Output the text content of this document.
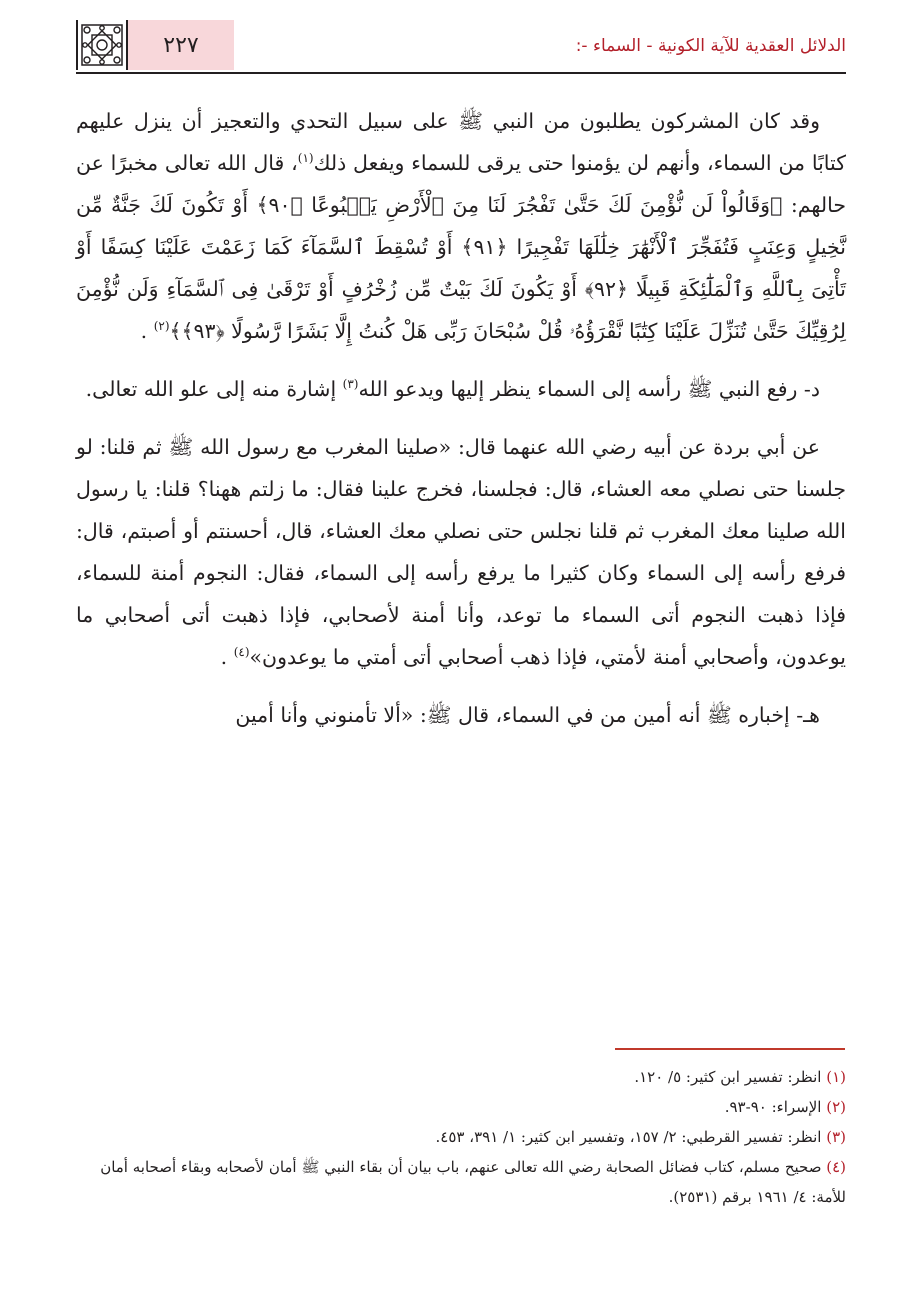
الدلائل العقدية للآية الكونية - السماء -:
٢٢٧

وقد كان المشركون يطلبون من النبي ﷺ على سبيل التحدي والتعجيز أن ينزل عليهم كتابًا من السماء، وأنهم لن يؤمنوا حتى يرقى للسماء ويفعل ذلك$^{(١)}$، قال الله تعالى مخبرًا عن حالهم: ﴿وَقَالُواْ لَن نُّؤْمِنَ لَكَ حَتَّىٰ تَفْجُرَ لَنَا مِنَ ٱلْأَرْضِ يَنۢبُوعًا ﴿٩٠﴾ أَوْ تَكُونَ لَكَ جَنَّةٌ مِّن نَّخِيلٍ وَعِنَبٍ فَتُفَجِّرَ ٱلْأَنْهَٰرَ خِلَٰلَهَا تَفْجِيرًا ﴿٩١﴾ أَوْ تُسْقِطَ ٱلسَّمَآءَ كَمَا زَعَمْتَ عَلَيْنَا كِسَفًا أَوْ تَأْتِىَ بِٱللَّهِ وَٱلْمَلَٰٓئِكَةِ قَبِيلًا ﴿٩٢﴾ أَوْ يَكُونَ لَكَ بَيْتٌ مِّن زُخْرُفٍ أَوْ تَرْقَىٰ فِى ٱلسَّمَآءِ وَلَن نُّؤْمِنَ لِرُقِيِّكَ حَتَّىٰ تُنَزِّلَ عَلَيْنَا كِتَٰبًا نَّقْرَؤُهُۥ قُلْ سُبْحَانَ رَبِّى هَلْ كُنتُ إِلَّا بَشَرًا رَّسُولًا ﴿٩٣﴾﴾$^{(٢)}$ .

د- رفع النبي ﷺ رأسه إلى السماء ينظر إليها ويدعو الله$^{(٣)}$ إشارة منه إلى علو الله تعالى.

عن أبي بردة عن أبيه رضي الله عنهما قال: «صلينا المغرب مع رسول الله ﷺ ثم قلنا: لو جلسنا حتى نصلي معه العشاء، قال: فجلسنا، فخرج علينا فقال: ما زلتم ههنا؟ قلنا: يا رسول الله صلينا معك المغرب ثم قلنا نجلس حتى نصلي معك العشاء، قال، أحسنتم أو أصبتم، قال: فرفع رأسه إلى السماء وكان كثيرا ما يرفع رأسه إلى السماء، فقال: النجوم أمنة للسماء، فإذا ذهبت النجوم أتى السماء ما توعد، وأنا أمنة لأصحابي، فإذا ذهبت أتى أصحابي ما يوعدون، وأصحابي أمنة لأمتي، فإذا ذهب أصحابي أتى أمتي ما يوعدون»$^{(٤)}$ .

هـ- إخباره ﷺ أنه أمين من في السماء، قال ﷺ: «ألا تأمنوني وأنا أمين

(١) انظر: تفسير ابن كثير: ٥/ ١٢٠.

(٢) الإسراء: ٩٠-٩٣.

(٣) انظر: تفسير القرطبي: ٢/ ١٥٧، وتفسير ابن كثير: ١/ ٣٩١، ٤٥٣.

(٤) صحيح مسلم، كتاب فضائل الصحابة رضي الله تعالى عنهم، باب بيان أن بقاء النبي ﷺ أمان لأصحابه وبقاء أصحابه أمان للأمة: ٤/ ١٩٦١ برقم (٢٥٣١).
